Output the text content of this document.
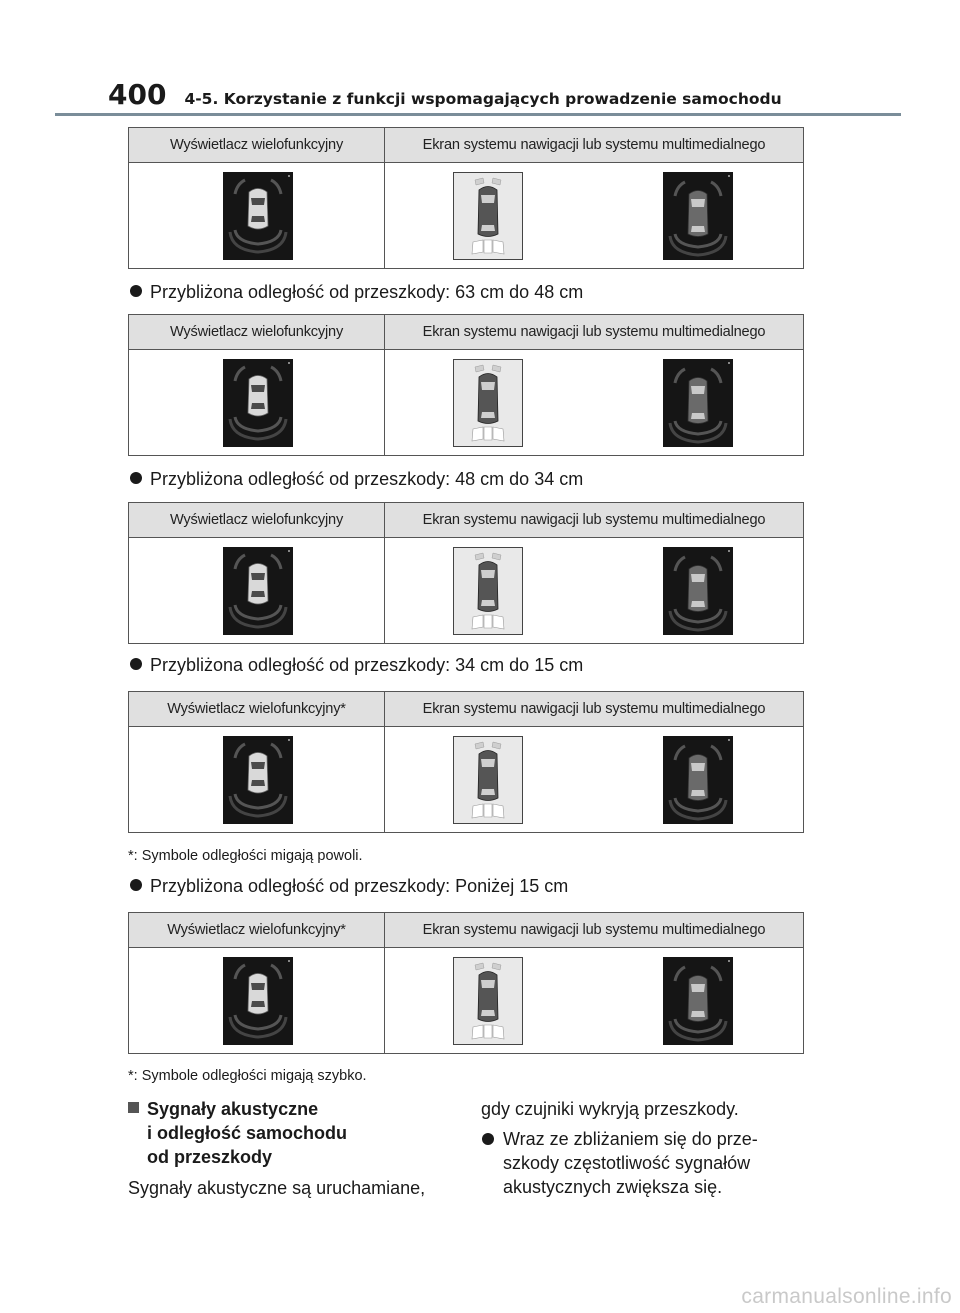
400 4-5. Korzystanie z funkcji wspomagających prowadzenie samochodu
Wyświetlacz wielofunkcyjny	Ekran systemu nawigacji lub systemu multimedialnego

Przybliżona odległość od przeszkody: 63 cm do 48 cm
Wyświetlacz wielofunkcyjny	Ekran systemu nawigacji lub systemu multimedialnego

Przybliżona odległość od przeszkody: 48 cm do 34 cm
Wyświetlacz wielofunkcyjny	Ekran systemu nawigacji lub systemu multimedialnego

Przybliżona odległość od przeszkody: 34 cm do 15 cm
Wyświetlacz wielofunkcyjny*	Ekran systemu nawigacji lub systemu multimedialnego

*: Symbole odległości migają powoli.
Przybliżona odległość od przeszkody: Poniżej 15 cm
Wyświetlacz wielofunkcyjny*	Ekran systemu nawigacji lub systemu multimedialnego

*: Symbole odległości migają szybko.
Sygnały akustyczne
i odległość samochodu
od przeszkody
Sygnały akustyczne są uruchamiane,
gdy czujniki wykryją przeszkody.
Wraz ze zbliżaniem się do prze-szkody częstotliwość sygnałów akustycznych zwiększa się.
carmanualsonline.info
